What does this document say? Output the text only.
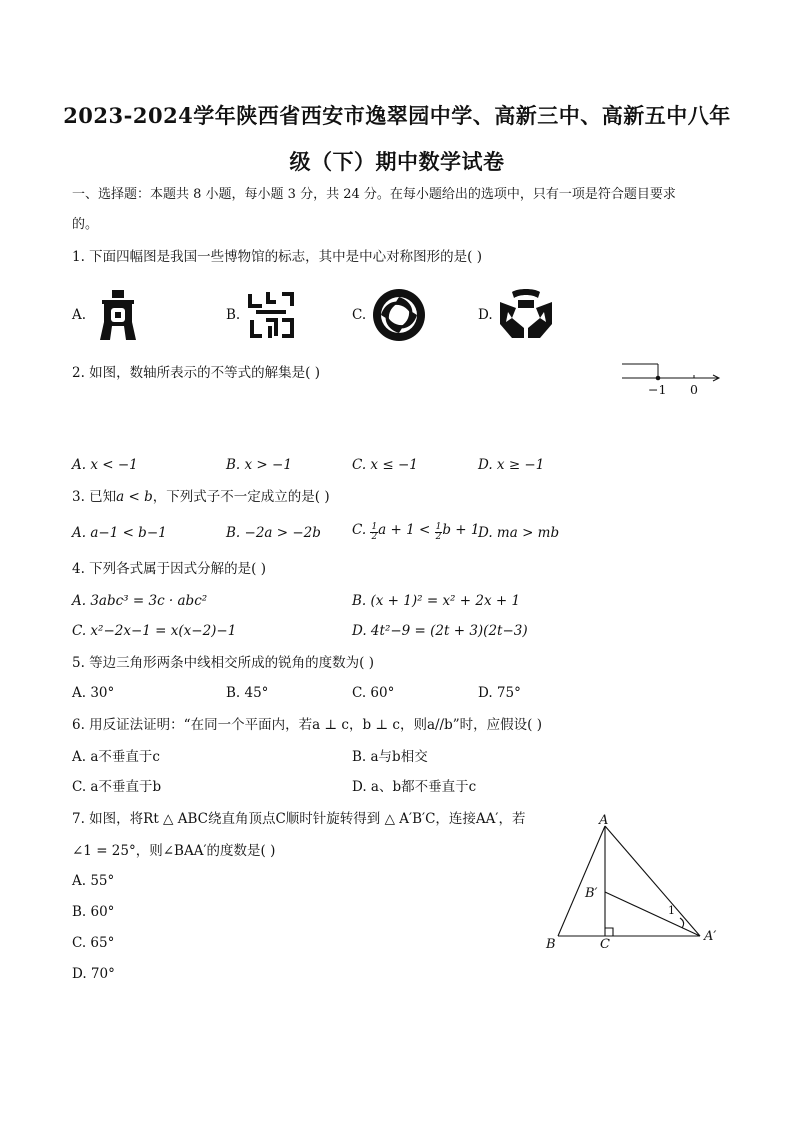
2023-2024学年陕西省西安市逸翠园中学、高新三中、高新五中八年
级（下）期中数学试卷
一、选择题：本题共 8 小题，每小题 3 分，共 24 分。在每小题给出的选项中，只有一项是符合题目要求
的。
1. 下面四幅图是我国一些博物馆的标志，其中是中心对称图形的是( )
A.	B.	C.	D.
2. 如图，数轴所表示的不等式的解集是( )
−1 0
A. x < −1	B. x > −1	C. x ≤ −1	D. x ≥ −1
3. 已知a < b，下列式子不一定成立的是( )
A. a−1 < b−1	B. −2a > −2b C. $\frac{1}{2}$ $a + 1 < \frac{1}{2}$ b + 1
D. ma > mb
4. 下列各式属于因式分解的是( )
A. 3abc³ = 3c · abc²	B. (x + 1)² = x² + 2x + 1
C. x²−2x−1 = x(x−2)−1	D. 4t²−9 = (2t + 3)(2t−3)
5. 等边三角形两条中线相交所成的锐角的度数为( )
A. 30°	B. 45°	C. 60°	D. 75°
6. 用反证法证明：“在同一个平面内，若a ⊥ c，b ⊥ c，则a//b”时，应假设( )
A. a不垂直于c	B. a与b相交
C. a不垂直于b	D. a、b都不垂直于c
7. 如图，将Rt △ ABC绕直角顶点C顺时针旋转得到 △ A′B′C，连接AA′，若
∠1 = 25°，则∠BAA′的度数是( )
A. 55°
B. 60°
C. 65°
D. 70°
A
B	C
B′
A′
1
